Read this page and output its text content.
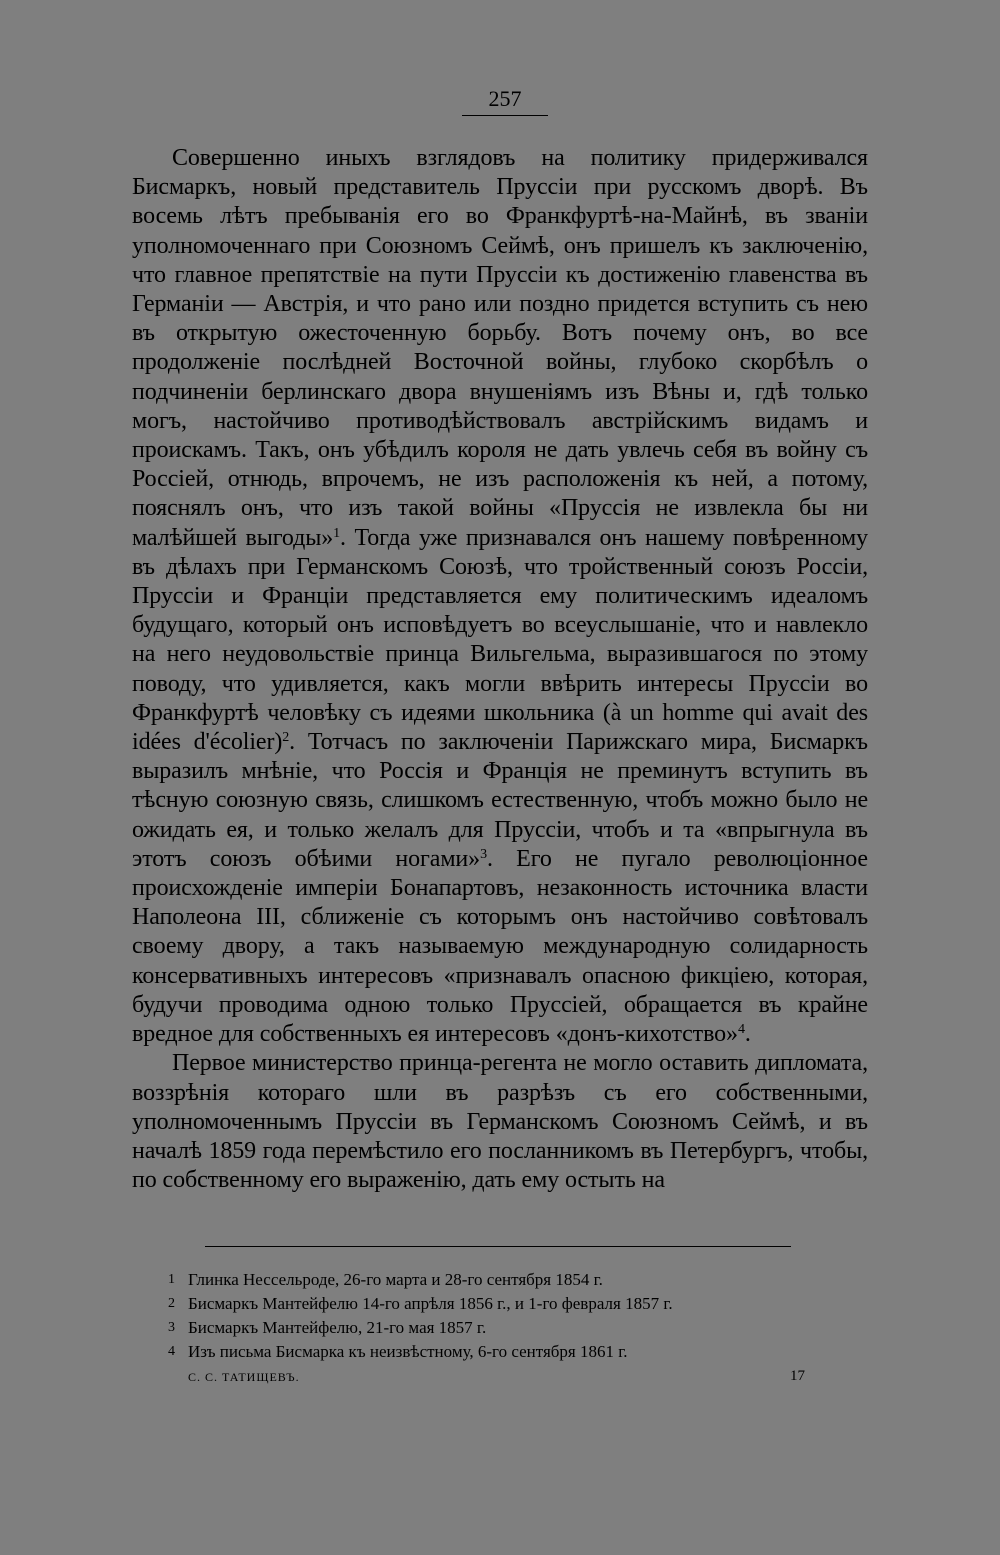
257

Совершенно иныхъ взглядовъ на политику придерживался Бисмаркъ, новый представитель Пруссіи при русскомъ дворѣ. Въ восемь лѣтъ пребыванія его во Франкфуртѣ-на-Майнѣ, въ званіи уполномоченнаго при Союзномъ Сеймѣ, онъ пришелъ къ заключенію, что главное препятствіе на пути Пруссіи къ достиженію главенства въ Германіи — Австрія, и что рано или поздно придется вступить съ нею въ открытую ожесточенную борьбу. Вотъ почему онъ, во все продолженіе послѣдней Восточной войны, глубоко скорбѣлъ о подчиненіи берлинскаго двора внушеніямъ изъ Вѣны и, гдѣ только могъ, настойчиво противодѣйствовалъ австрійскимъ видамъ и проискамъ. Такъ, онъ убѣдилъ короля не дать увлечь себя въ войну съ Россіей, отнюдь, впрочемъ, не изъ расположенія къ ней, а потому, пояснялъ онъ, что изъ такой войны «Пруссія не извлекла бы ни малѣйшей выгоды»$^1$. Тогда уже признавался онъ нашему повѣренному въ дѣлахъ при Германскомъ Союзѣ, что тройственный союзъ Россіи, Пруссіи и Франціи представляется ему политическимъ идеаломъ будущаго, который онъ исповѣдуетъ во всеуслышаніе, что и навлекло на него неудовольствіе принца Вильгельма, выразившагося по этому поводу, что удивляется, какъ могли ввѣрить интересы Пруссіи во Франкфуртѣ человѣку съ идеями школьника (à un homme qui avait des idées d'écolier)$^2$. Тотчасъ по заключеніи Парижскаго мира, Бисмаркъ выразилъ мнѣніе, что Россія и Франція не преминутъ вступить въ тѣсную союзную связь, слишкомъ естественную, чтобъ можно было не ожидать ея, и только желалъ для Пруссіи, чтобъ и та «впрыгнула въ этотъ союзъ обѣими ногами»$^3$. Его не пугало революціонное происхожденіе имперіи Бонапартовъ, незаконность источника власти Наполеона III, сближеніе съ которымъ онъ настойчиво совѣтовалъ своему двору, а такъ называемую международную солидарность консервативныхъ интересовъ «признавалъ опасною фикціею, которая, будучи проводима одною только Пруссіей, обращается въ крайне вредное для собственныхъ ея интересовъ «донъ-кихотство»$^4$.

Первое министерство принца-регента не могло оставить дипломата, воззрѣнія котораго шли въ разрѣзъ съ его собственными, уполномоченнымъ Пруссіи въ Германскомъ Союзномъ Сеймѣ, и въ началѣ 1859 года перемѣстило его посланникомъ въ Петербургъ, чтобы, по собственному его выраженію, дать ему остыть на

1 Глинка Нессельроде, 26-го марта и 28-го сентября 1854 г.
2 Бисмаркъ Мантейфелю 14-го апрѣля 1856 г., и 1-го февраля 1857 г.
3 Бисмаркъ Мантейфелю, 21-го мая 1857 г.
4 Изъ письма Бисмарка къ неизвѣстному, 6-го сентября 1861 г.
С. С. ТАТИЩЕВЪ.	17
